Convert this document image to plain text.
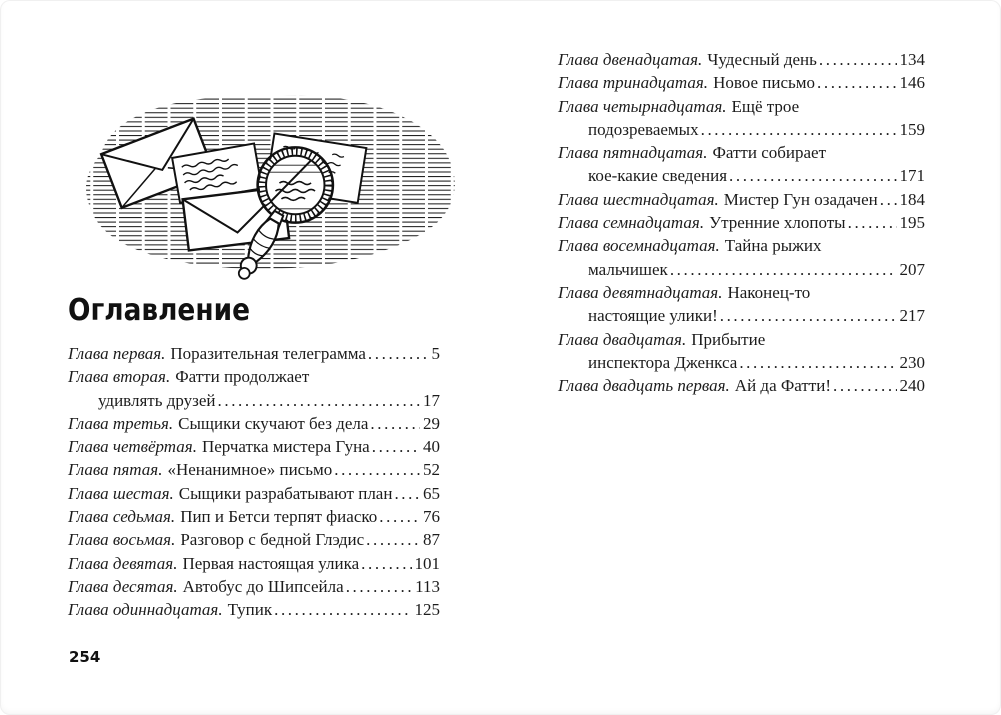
Оглавление
Глава первая. Поразительная телеграмма .....	5
Глава вторая. Фатти продолжает
удивлять друзей .....	17
Глава третья. Сыщики скучают без дела .....	29
Глава четвёртая. Перчатка мистера Гуна .....	40
Глава пятая. «Ненанимное» письмо .....	52
Глава шестая. Сыщики разрабатывают план ..... 65
Глава седьмая. Пип и Бетси терпят фиаско .....	76
Глава восьмая. Разговор с бедной Глэдис .....	87
Глава девятая. Первая настоящая улика .....	101
Глава десятая. Автобус до Шипсейла .....	113
Глава одиннадцатая. Тупик .....	125
Глава двенадцатая. Чудесный день .....	134
Глава тринадцатая. Новое письмо .....	146
Глава четырнадцатая. Ещё трое
подозреваемых .....	159
Глава пятнадцатая. Фатти собирает
кое-какие сведения .....	171
Глава шестнадцатая. Мистер Гун озадачен ..... 184
Глава семнадцатая. Утренние хлопоты .....	195
Глава восемнадцатая. Тайна рыжих
мальчишек .....	207
Глава девятнадцатая. Наконец-то
настоящие улики! .....	217
Глава двадцатая. Прибытие
инспектора Дженкса .....	230
Глава двадцать первая. Ай да Фатти! .....	240
254
